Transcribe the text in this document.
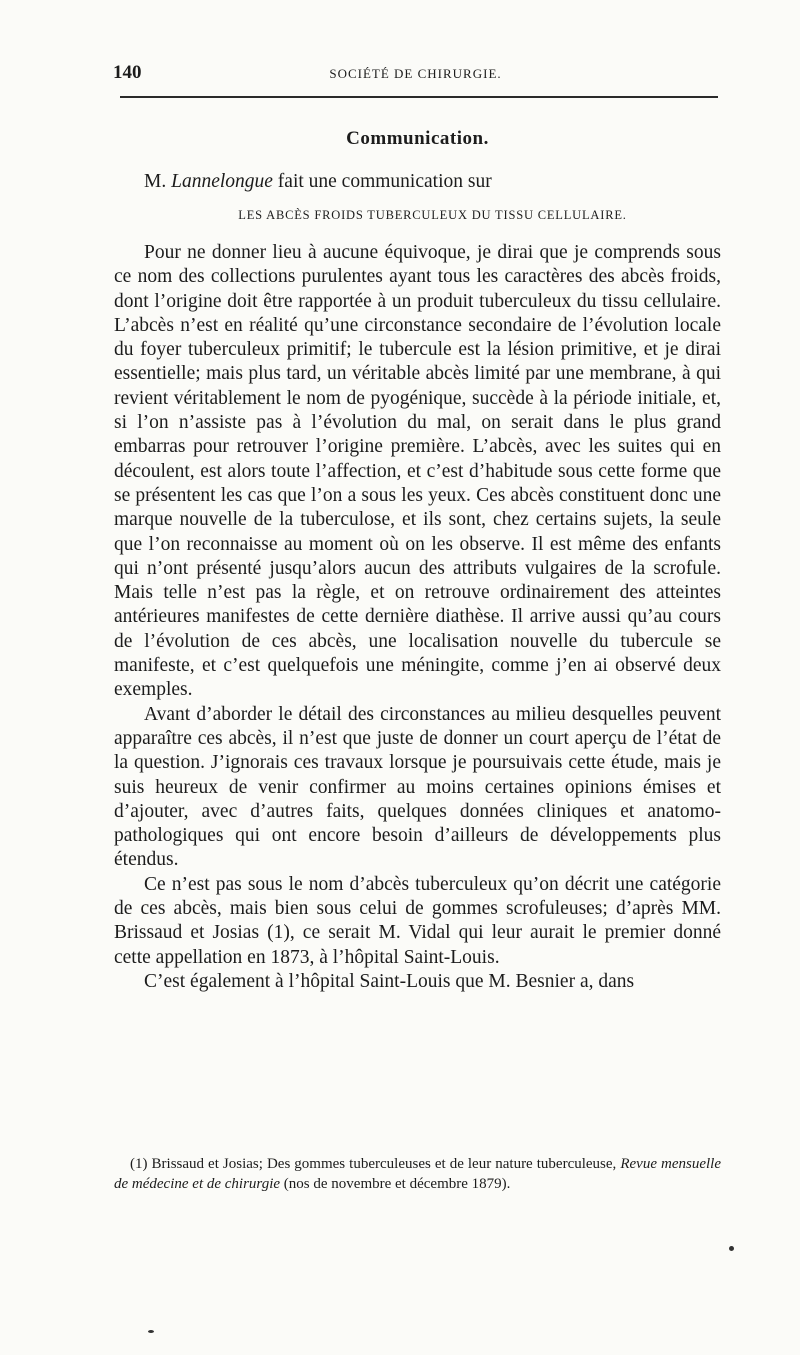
140	SOCIÉTÉ DE CHIRURGIE.
Communication.
M. Lannelongue fait une communication sur
LES ABCÈS FROIDS TUBERCULEUX DU TISSU CELLULAIRE.

Pour ne donner lieu à aucune équivoque, je dirai que je comprends sous ce nom des collections purulentes ayant tous les caractères des abcès froids, dont l’origine doit être rapportée à un produit tuberculeux du tissu cellulaire. L’abcès n’est en réalité qu’une circonstance secondaire de l’évolution locale du foyer tuberculeux primitif; le tubercule est la lésion primitive, et je dirai essentielle; mais plus tard, un véritable abcès limité par une membrane, à qui revient véritablement le nom de pyogénique, succède à la période initiale, et, si l’on n’assiste pas à l’évolution du mal, on serait dans le plus grand embarras pour retrouver l’origine première. L’abcès, avec les suites qui en découlent, est alors toute l’affection, et c’est d’habitude sous cette forme que se présentent les cas que l’on a sous les yeux. Ces abcès constituent donc une marque nouvelle de la tuberculose, et ils sont, chez certains sujets, la seule que l’on reconnaisse au moment où on les observe. Il est même des enfants qui n’ont présenté jusqu’alors aucun des attributs vulgaires de la scrofule. Mais telle n’est pas la règle, et on retrouve ordinairement des atteintes antérieures manifestes de cette dernière diathèse. Il arrive aussi qu’au cours de l’évolution de ces abcès, une localisation nouvelle du tubercule se manifeste, et c’est quelquefois une méningite, comme j’en ai observé deux exemples.

Avant d’aborder le détail des circonstances au milieu desquelles peuvent apparaître ces abcès, il n’est que juste de donner un court aperçu de l’état de la question. J’ignorais ces travaux lorsque je poursuivais cette étude, mais je suis heureux de venir confirmer au moins certaines opinions émises et d’ajouter, avec d’autres faits, quelques données cliniques et anatomo-pathologiques qui ont encore besoin d’ailleurs de développements plus étendus.

Ce n’est pas sous le nom d’abcès tuberculeux qu’on décrit une catégorie de ces abcès, mais bien sous celui de gommes scrofuleuses; d’après MM. Brissaud et Josias (1), ce serait M. Vidal qui leur aurait le premier donné cette appellation en 1873, à l’hôpital Saint-Louis.

C’est également à l’hôpital Saint-Louis que M. Besnier a, dans

(1) Brissaud et Josias; Des gommes tuberculeuses et de leur nature tuberculeuse, Revue mensuelle de médecine et de chirurgie (nos de novembre et décembre 1879).
